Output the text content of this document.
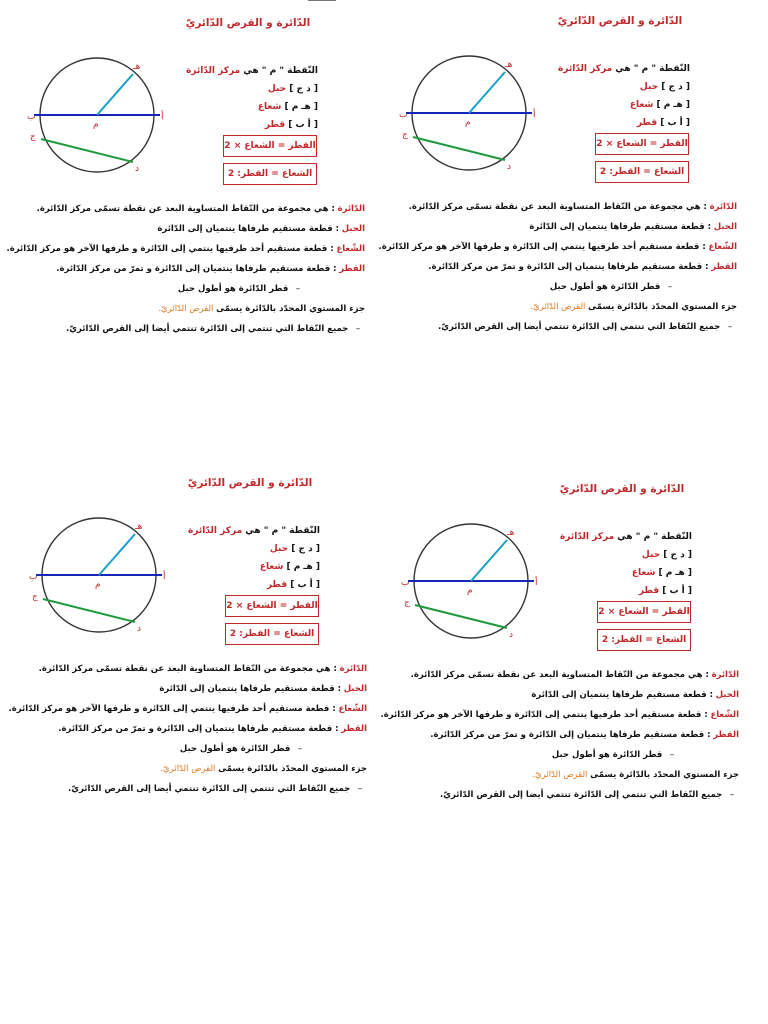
الدّائرة و القرص الدّائريّ
هـ
أ
ب
م
ج
د
النّقطة " م " هي مركز الدّائرة
[ د ج ] حبل
[ هـ م ] شعاع
[ أ ب ] قطر
القطر = الشعاع × 2
الشعاع = القطر: 2
الدّائرة : هي مجموعة من النّقاط المتساوية البعد عن نقطة تسمّى مركز الدّائرة.
الحبل : قطعة مستقيم طرفاها ينتميان إلى الدّائرة
الشّعاع : قطعة مستقيم أحد طرفيها ينتمي إلى الدّائرة و طرفها الآخر هو مركز الدّائرة.
القطر : قطعة مستقيم طرفاها ينتميان إلى الدّائرة و تمرّ من مركز الدّائرة.
– قطر الدّائرة هو أطول حبل
جزء المستوي المحدّد بالدّائرة يسمّى القرص الدّائريّ.
– جميع النّقاط التي تنتمي إلى الدّائرة تنتمي أيضا إلى القرص الدّائريّ.
الدّائرة و القرص الدّائريّ
هـ
أ
ب
م
ج
د
النّقطة " م " هي مركز الدّائرة
[ د ج ] حبل
[ هـ م ] شعاع
[ أ ب ] قطر
القطر = الشعاع × 2
الشعاع = القطر: 2
الدّائرة : هي مجموعة من النّقاط المتساوية البعد عن نقطة تسمّى مركز الدّائرة.
الحبل : قطعة مستقيم طرفاها ينتميان إلى الدّائرة
الشّعاع : قطعة مستقيم أحد طرفيها ينتمي إلى الدّائرة و طرفها الآخر هو مركز الدّائرة.
القطر : قطعة مستقيم طرفاها ينتميان إلى الدّائرة و تمرّ من مركز الدّائرة.
– قطر الدّائرة هو أطول حبل
جزء المستوي المحدّد بالدّائرة يسمّى القرص الدّائريّ.
– جميع النّقاط التي تنتمي إلى الدّائرة تنتمي أيضا إلى القرص الدّائريّ.
الدّائرة و القرص الدّائريّ
هـ
أ
ب
م
ج
د
النّقطة " م " هي مركز الدّائرة
[ د ج ] حبل
[ هـ م ] شعاع
[ أ ب ] قطر
القطر = الشعاع × 2
الشعاع = القطر: 2
الدّائرة : هي مجموعة من النّقاط المتساوية البعد عن نقطة تسمّى مركز الدّائرة.
الحبل : قطعة مستقيم طرفاها ينتميان إلى الدّائرة
الشّعاع : قطعة مستقيم أحد طرفيها ينتمي إلى الدّائرة و طرفها الآخر هو مركز الدّائرة.
القطر : قطعة مستقيم طرفاها ينتميان إلى الدّائرة و تمرّ من مركز الدّائرة.
– قطر الدّائرة هو أطول حبل
جزء المستوي المحدّد بالدّائرة يسمّى القرص الدّائريّ.
– جميع النّقاط التي تنتمي إلى الدّائرة تنتمي أيضا إلى القرص الدّائريّ.
الدّائرة و القرص الدّائريّ
هـ
أ
ب
م
ج
د
النّقطة " م " هي مركز الدّائرة
[ د ج ] حبل
[ هـ م ] شعاع
[ أ ب ] قطر
القطر = الشعاع × 2
الشعاع = القطر: 2
الدّائرة : هي مجموعة من النّقاط المتساوية البعد عن نقطة تسمّى مركز الدّائرة.
الحبل : قطعة مستقيم طرفاها ينتميان إلى الدّائرة
الشّعاع : قطعة مستقيم أحد طرفيها ينتمي إلى الدّائرة و طرفها الآخر هو مركز الدّائرة.
القطر : قطعة مستقيم طرفاها ينتميان إلى الدّائرة و تمرّ من مركز الدّائرة.
– قطر الدّائرة هو أطول حبل
جزء المستوي المحدّد بالدّائرة يسمّى القرص الدّائريّ.
– جميع النّقاط التي تنتمي إلى الدّائرة تنتمي أيضا إلى القرص الدّائريّ.
